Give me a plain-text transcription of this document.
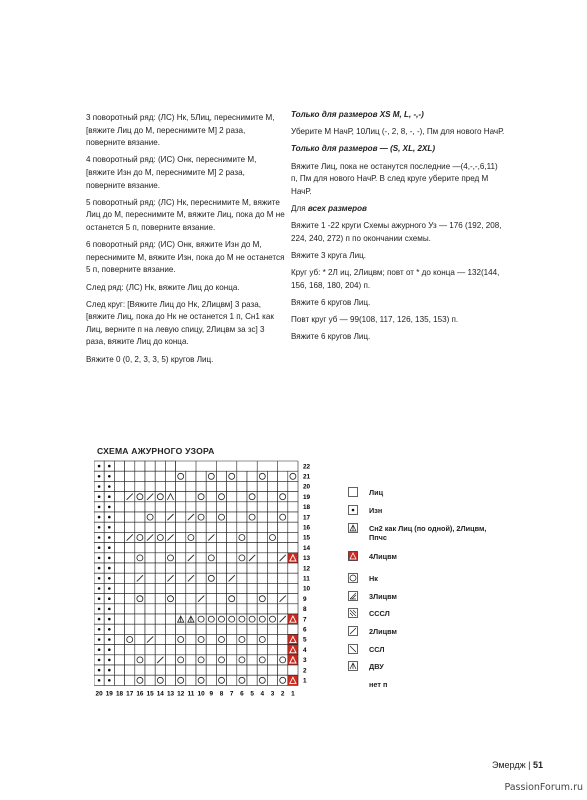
3 поворотный ряд: (ЛС) Нк, 5Лиц, переснимите М, [вяжите Лиц до М, переснимите М] 2 раза, поверните вязание.

4 поворотный ряд: (ИС) Онк, переснимите М, [вяжите Изн до М, переснимите М] 2 раза, поверните вязание.

5 поворотный ряд: (ЛС) Нк, переснимите М, вяжите Лиц до М, переснимите М, вяжите Лиц, пока до М не останется 5 п, поверните вязание.

6 поворотный ряд: (ИС) Онк, вяжите Изн до М, переснимите М, вяжите Изн, пока до М не останется 5 п, поверните вязание.

След ряд: (ЛС) Нк, вяжите Лиц до конца.

След круг: [Вяжите Лиц до Нк, 2Лицвм] 3 раза, [вяжите Лиц, пока до Нк не останется 1 п, Сн1 как Лиц, верните п на левую спицу, 2Лицвм за зс] 3 раза, вяжите Лиц до конца.

Вяжите 0 (0, 2, 3, 3, 5) кругов Лиц.

Только для размеров XS M, L, -,-)

Уберите М НачР, 10Лиц (-, 2, 8, -, -), Пм для нового НачР.

Только для размеров — (S, XL, 2XL)

Вяжите Лиц, пока не останутся последние —(4,-,-,6,11) п, Пм для нового НачР. В след круге уберите пред М НачР.

Для всех размеров

Вяжите 1 -22 круги Схемы ажурного Уз — 176 (192, 208, 224, 240, 272) п по окончании схемы.

Вяжите 3 круга Лиц.

Круг уб: * 2Л иц, 2Лицвм; повт от * до конца — 132(144, 156, 168, 180, 204) п.

Вяжите 6 кругов Лиц.

Повт круг уб — 99(108, 117, 126, 135, 153) п.

Вяжите 6 кругов Лиц.

СХЕМА АЖУРНОГО УЗОРА
20 19 18 17 16 15 14 13 12 11 10 9 8 7 6 5 4 3 2 1
22
21
20
19
18
17
16
15
14
13
12
11
10
9
8
7
6
5
4
3
2
1
Лиц
Изн
Сн2 как Лиц (по одной), 2Лицвм, Ппчс
4Лицвм
Нк
3Лицвм
СССЛ
2Лицвм
ССЛ
ДВУ
нет п
Эмердж | 51
PassionForum.ru
